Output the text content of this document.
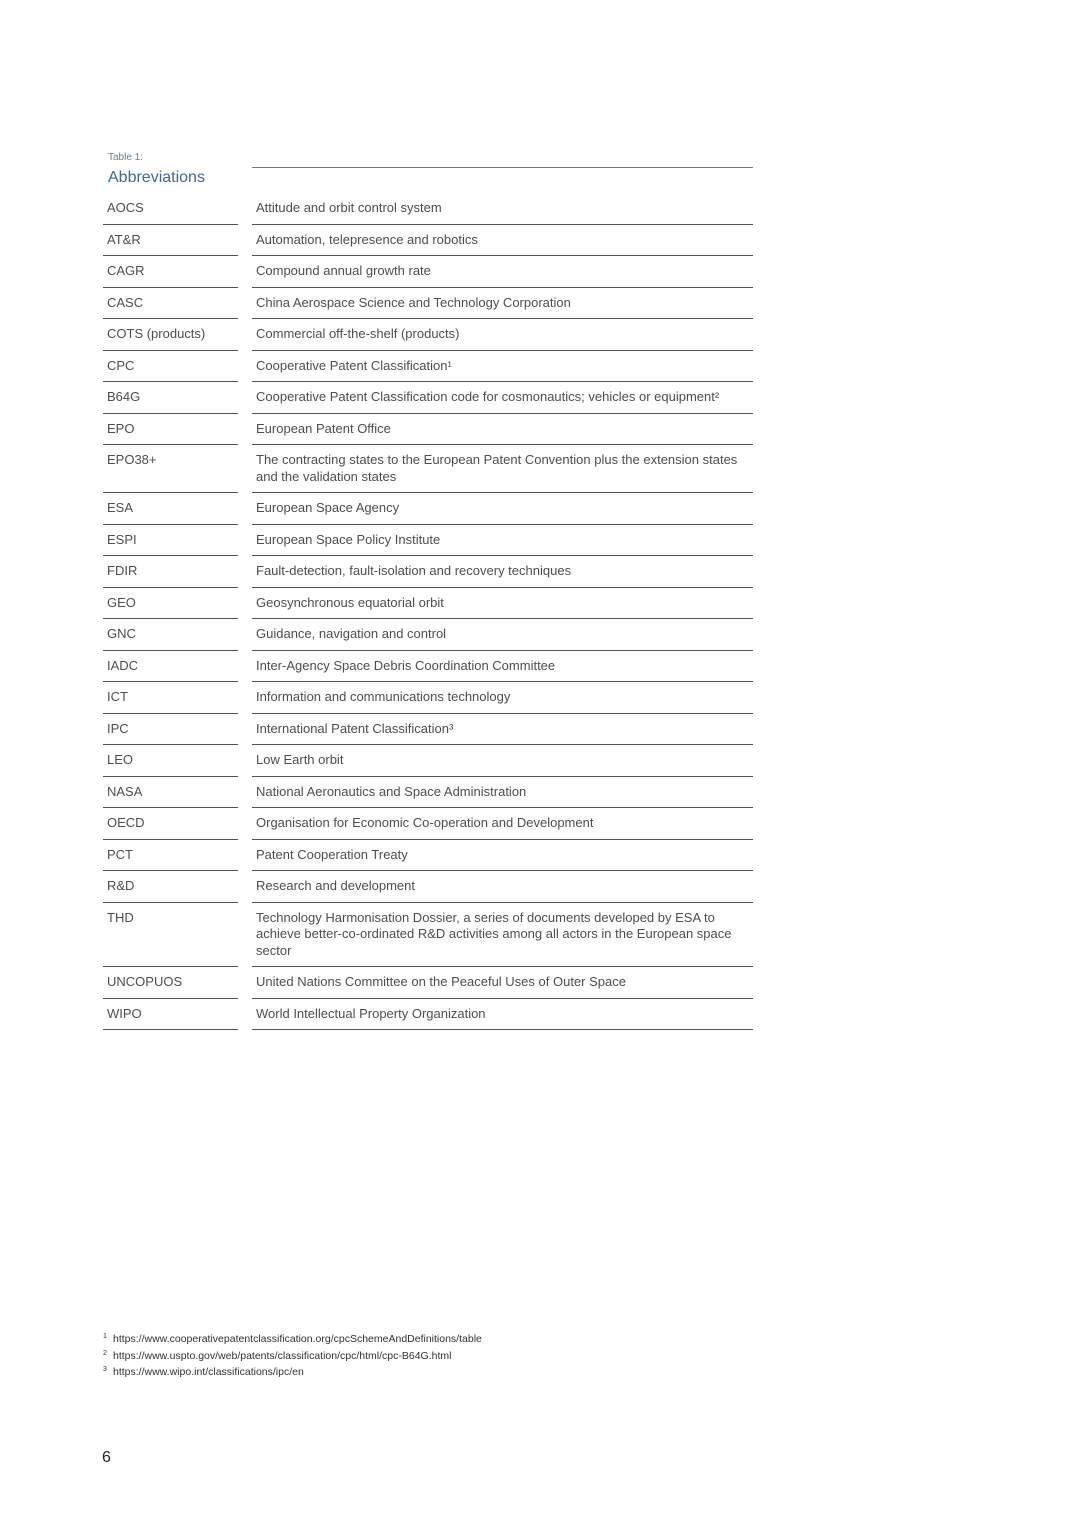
Table 1:
Abbreviations
AOCS	Attitude and orbit control system
AT&R	Automation, telepresence and robotics
CAGR	Compound annual growth rate
CASC	China Aerospace Science and Technology Corporation
COTS (products)	Commercial off-the-shelf (products)
CPC	Cooperative Patent Classification¹
B64G	Cooperative Patent Classification code for cosmonautics; vehicles or equipment²
EPO	European Patent Office
EPO38+	The contracting states to the European Patent Convention plus the extension states and the validation states
ESA	European Space Agency
ESPI	European Space Policy Institute
FDIR	Fault-detection, fault-isolation and recovery techniques
GEO	Geosynchronous equatorial orbit
GNC	Guidance, navigation and control
IADC	Inter-Agency Space Debris Coordination Committee
ICT	Information and communications technology
IPC	International Patent Classification³
LEO	Low Earth orbit
NASA	National Aeronautics and Space Administration
OECD	Organisation for Economic Co-operation and Development
PCT	Patent Cooperation Treaty
R&D	Research and development
THD	Technology Harmonisation Dossier, a series of documents developed by ESA to achieve better-co-ordinated R&D activities among all actors in the European space sector
UNCOPUOS	United Nations Committee on the Peaceful Uses of Outer Space
WIPO	World Intellectual Property Organization
1 https://www.cooperativepatentclassification.org/cpcSchemeAndDefinitions/table
2 https://www.uspto.gov/web/patents/classification/cpc/html/cpc-B64G.html
3 https://www.wipo.int/classifications/ipc/en
6
